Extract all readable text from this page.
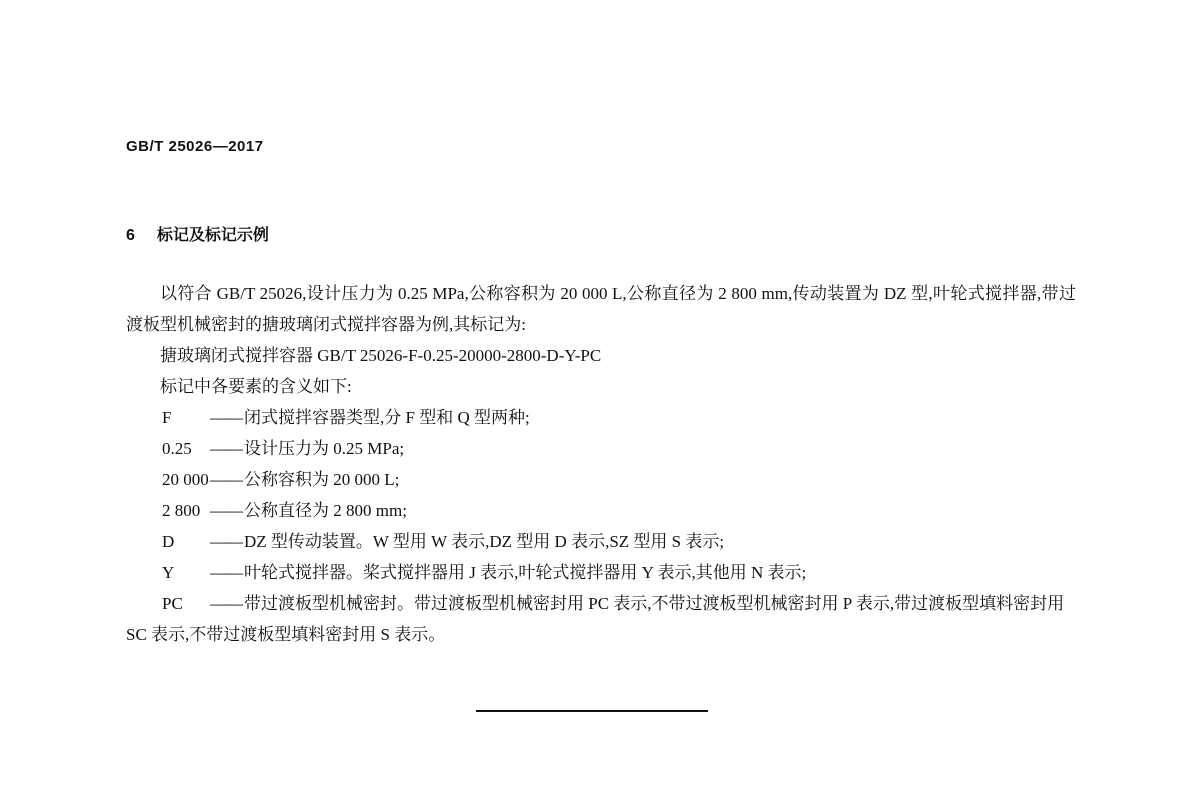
GB/T 25026—2017
6 标记及标记示例

以符合 GB/T 25026,设计压力为 0.25 MPa,公称容积为 20 000 L,公称直径为 2 800 mm,传动装置为 DZ 型,叶轮式搅拌器,带过渡板型机械密封的搪玻璃闭式搅拌容器为例,其标记为:

搪玻璃闭式搅拌容器 GB/T 25026-F-0.25-20000-2800-D-Y-PC

标记中各要素的含义如下:

F	—— 闭式搅拌容器类型,分 F 型和 Q 型两种;
0.25	—— 设计压力为 0.25 MPa;
20 000 —— 公称容积为 20 000 L;
2 800 —— 公称直径为 2 800 mm;
D	—— DZ 型传动装置。W 型用 W 表示,DZ 型用 D 表示,SZ 型用 S 表示;
Y	—— 叶轮式搅拌器。桨式搅拌器用 J 表示,叶轮式搅拌器用 Y 表示,其他用 N 表示;
PC —— 带过渡板型机械密封。带过渡板型机械密封用 PC 表示,不带过渡板型机械密封用 P 表示,带过渡板型填料密封用 SC 表示,不带过渡板型填料密封用 S 表示。
